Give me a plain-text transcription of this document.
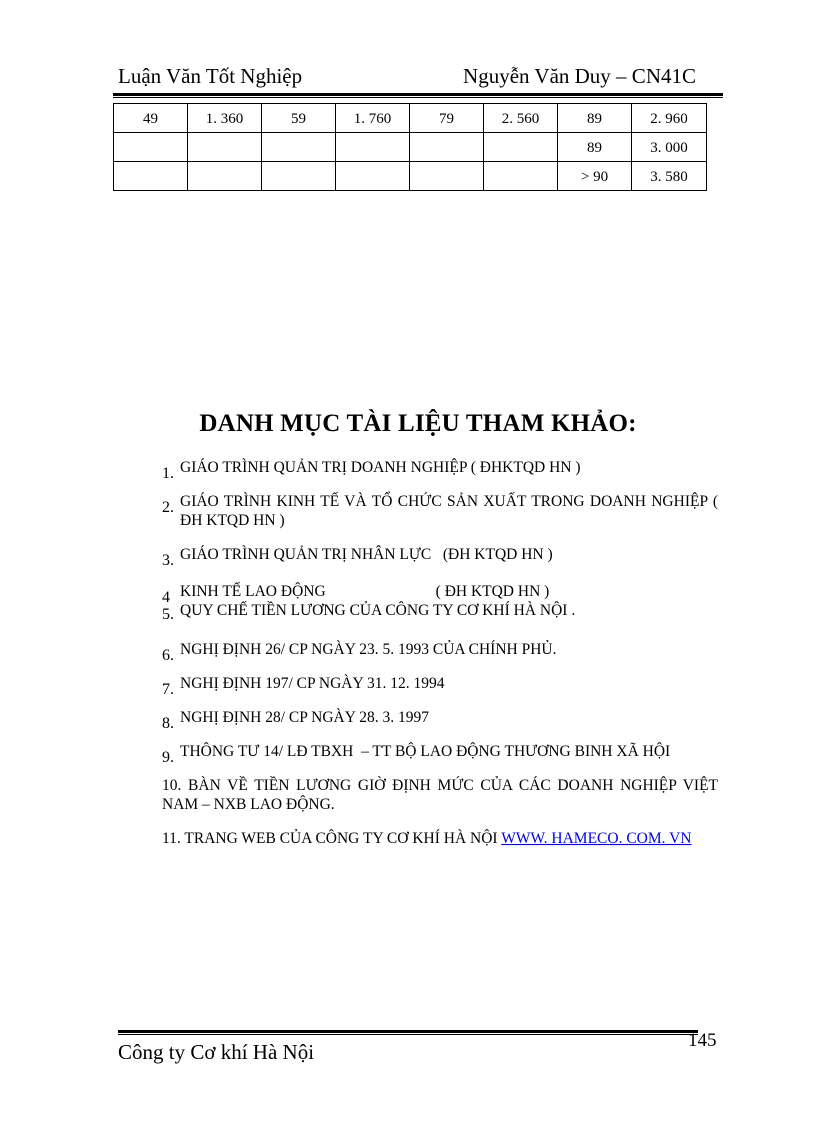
Luận Văn Tốt Nghiệp	Nguyễn Văn Duy – CN41C
49	1. 360	59	1. 760	79	2. 560	89	2. 960
						89	3. 000
						> 90	3. 580
DANH MỤC TÀI LIỆU THAM KHẢO:
1. GIÁO TRÌNH QUẢN TRỊ DOANH NGHIỆP ( ĐHKTQD HN )
2. GIÁO TRÌNH KINH TẾ VÀ TỔ CHỨC SẢN XUẤT TRONG DOANH NGHIỆP ( ĐH KTQD HN )
3. GIÁO TRÌNH QUẢN TRỊ NHÂN LỰC   (ĐH KTQD HN )
4 KINH TẾ LAO ĐỘNG	( ĐH KTQD HN )
5. QUY CHẾ TIỀN LƯƠNG CỦA CÔNG TY CƠ KHÍ HÀ NỘI .
6. NGHỊ ĐỊNH 26/ CP NGÀY 23. 5. 1993 CỦA CHÍNH PHỦ.
7. NGHỊ ĐỊNH 197/ CP NGÀY 31. 12. 1994
8. NGHỊ ĐỊNH 28/ CP NGÀY 28. 3. 1997
9. THÔNG TƯ 14/ LĐ TBXH  – TT BỘ LAO ĐỘNG THƯƠNG BINH XÃ HỘI
10. BÀN VỀ TIỀN LƯƠNG GIỜ ĐỊNH MỨC CỦA CÁC DOANH NGHIỆP VIỆT NAM – NXB LAO ĐỘNG.
11. TRANG WEB CỦA CÔNG TY CƠ KHÍ HÀ NỘI WWW. HAMECO. COM. VN
Công ty Cơ khí Hà Nội	145
